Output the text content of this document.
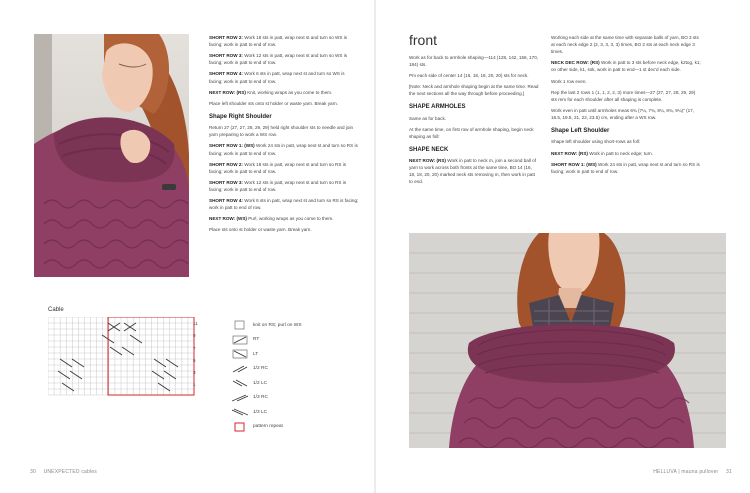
SHORT ROW 2: Work 18 sts in patt, wrap next st and turn so WS is facing; work in patt to end of row.

SHORT ROW 3: Work 12 sts in patt, wrap next st and turn so WS is facing; work in patt to end of row.

SHORT ROW 4: Work 6 sts in patt, wrap next st and turn so WS is facing; work in patt to end of row.

NEXT ROW: (RS) Knit, working wraps as you come to them.

Place left shoulder sts onto st holder or waste yarn. Break yarn.

Shape Right Shoulder

Return 27 (27, 27, 28, 29, 29) held right shoulder sts to needle and join yarn preparing to work a WS row.

SHORT ROW 1: (WS) Work 24 sts in patt, wrap next st and turn so RS is facing; work in patt to end of row.

SHORT ROW 2: Work 18 sts in patt, wrap next st and turn so RS is facing; work in patt to end of row.

SHORT ROW 3: Work 12 sts in patt, wrap next st and turn so RS is facing; work in patt to end of row.

SHORT ROW 4: Work 6 sts in patt, wrap next st and turn so RS is facing; work in patt to end of row.

NEXT ROW: (WS) Purl, working wraps as you come to them.

Place sts onto st holder or waste yarn. Break yarn.

Cable
11
9
7
5
3
1
knit on RS; purl on WS
RT
LT
1/2 RC
1/2 LC
1/3 RC
1/3 LC
pattern repeat
30 UNEXPECTED cables
front

Work as for back to armhole shaping—114 (128, 142, 156, 170, 184) sts.

Pm each side of center 14 (16, 18, 18, 20, 20) sts for neck.

[Note: Neck and armhole shaping begin at the same time. Read the next sections all the way through before proceeding.]

SHAPE ARMHOLES

Same as for back.

At the same time, on first row of armhole shaping, begin neck shaping as foll:

SHAPE NECK

NEXT ROW: (RS) Work in patt to neck m, join a second ball of yarn to work across both fronts at the same time, BO 14 (16, 18, 18, 20, 20) marked neck sts removing m, then work in patt to end.

Working each side at the same time with separate balls of yarn, BO 3 sts at each neck edge 2 (2, 3, 3, 3, 3) times, BO 2 sts at each neck edge 3 times.

NECK DEC ROW: (RS) Work in patt to 3 sts before neck edge, k2tog, k1; on other side, k1, ssk, work in patt to end—1 st dec'd each side.

Work 1 row even.

Rep the last 2 rows 1 (1, 1, 2, 2, 3) more times—27 (27, 27, 28, 29, 29) sts rem for each shoulder after all shaping is complete.

Work even in patt until armholes meas 6¾ (7¼, 7¾, 8¼, 8¾, 9¼)" (17, 18.5, 19.5, 21, 22, 23.5) cm, ending after a WS row.

Shape Left Shoulder

Shape left shoulder using short-rows as foll:

NEXT ROW: (RS) Work in patt to neck edge; turn.

SHORT ROW 1: (WS) Work 24 sts in patt, wrap next st and turn so RS is facing; work in patt to end of row.

HELLUVA | mauna pullover 31
